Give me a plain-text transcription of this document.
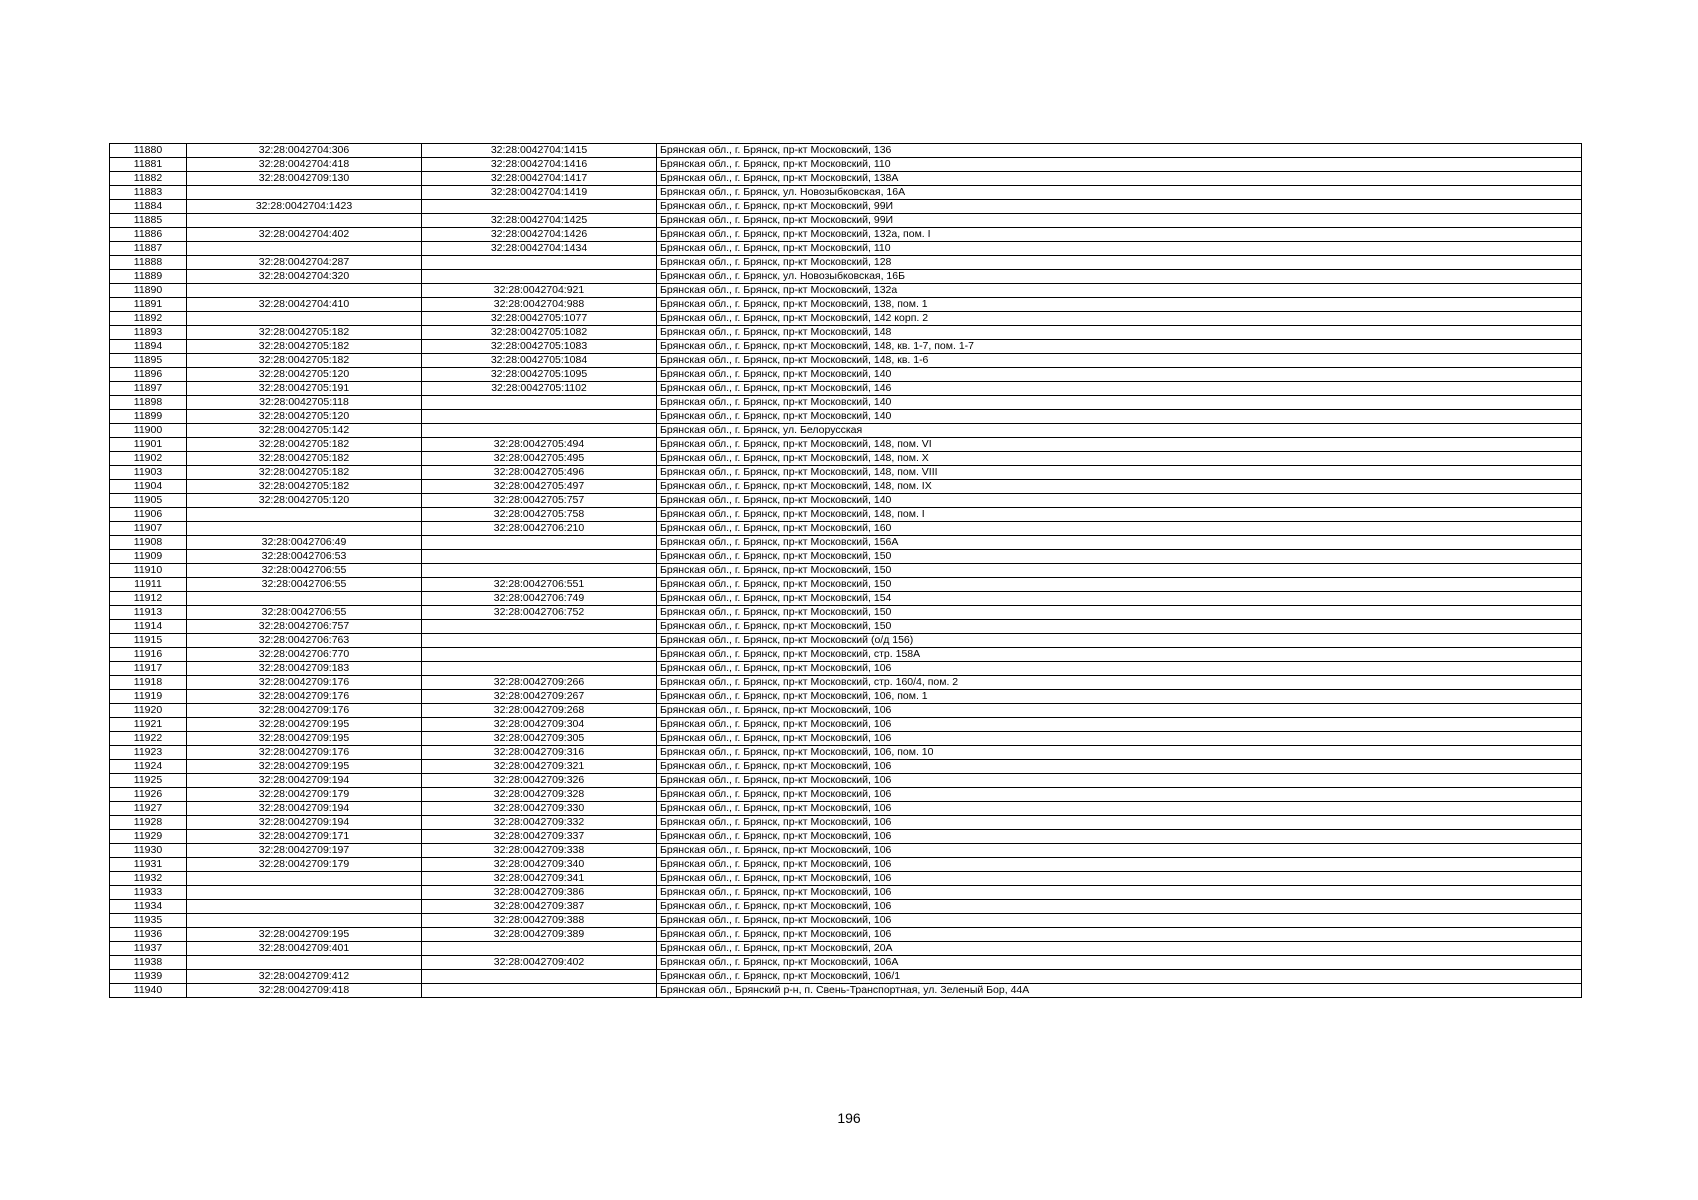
11880	32:28:0042704:306	32:28:0042704:1415	Брянская обл., г. Брянск, пр-кт Московский, 136
11881	32:28:0042704:418	32:28:0042704:1416	Брянская обл., г. Брянск, пр-кт Московский, 110
11882	32:28:0042709:130	32:28:0042704:1417	Брянская обл., г. Брянск, пр-кт Московский, 138А
11883		32:28:0042704:1419	Брянская обл., г. Брянск, ул. Новозыбковская, 16А
11884	32:28:0042704:1423		Брянская обл., г. Брянск, пр-кт Московский, 99И
11885		32:28:0042704:1425	Брянская обл., г. Брянск, пр-кт Московский, 99И
11886	32:28:0042704:402	32:28:0042704:1426	Брянская обл., г. Брянск, пр-кт Московский, 132а, пом. I
11887		32:28:0042704:1434	Брянская обл., г. Брянск, пр-кт Московский, 110
11888	32:28:0042704:287		Брянская обл., г. Брянск, пр-кт Московский, 128
11889	32:28:0042704:320		Брянская обл., г. Брянск, ул. Новозыбковская, 16Б
11890		32:28:0042704:921	Брянская обл., г. Брянск, пр-кт Московский, 132а
11891	32:28:0042704:410	32:28:0042704:988	Брянская обл., г. Брянск, пр-кт Московский, 138, пом. 1
11892		32:28:0042705:1077	Брянская обл., г. Брянск, пр-кт Московский, 142 корп. 2
11893	32:28:0042705:182	32:28:0042705:1082	Брянская обл., г. Брянск, пр-кт Московский, 148
11894	32:28:0042705:182	32:28:0042705:1083	Брянская обл., г. Брянск, пр-кт Московский, 148, кв. 1-7, пом. 1-7
11895	32:28:0042705:182	32:28:0042705:1084	Брянская обл., г. Брянск, пр-кт Московский, 148, кв. 1-6
11896	32:28:0042705:120	32:28:0042705:1095	Брянская обл., г. Брянск, пр-кт Московский, 140
11897	32:28:0042705:191	32:28:0042705:1102	Брянская обл., г. Брянск, пр-кт Московский, 146
11898	32:28:0042705:118		Брянская обл., г. Брянск, пр-кт Московский, 140
11899	32:28:0042705:120		Брянская обл., г. Брянск, пр-кт Московский, 140
11900	32:28:0042705:142		Брянская обл., г. Брянск, ул. Белорусская
11901	32:28:0042705:182	32:28:0042705:494	Брянская обл., г. Брянск, пр-кт Московский, 148, пом. VI
11902	32:28:0042705:182	32:28:0042705:495	Брянская обл., г. Брянск, пр-кт Московский, 148, пом. X
11903	32:28:0042705:182	32:28:0042705:496	Брянская обл., г. Брянск, пр-кт Московский, 148, пом. VIII
11904	32:28:0042705:182	32:28:0042705:497	Брянская обл., г. Брянск, пр-кт Московский, 148, пом. IX
11905	32:28:0042705:120	32:28:0042705:757	Брянская обл., г. Брянск, пр-кт Московский, 140
11906		32:28:0042705:758	Брянская обл., г. Брянск, пр-кт Московский, 148, пом. I
11907		32:28:0042706:210	Брянская обл., г. Брянск, пр-кт Московский, 160
11908	32:28:0042706:49		Брянская обл., г. Брянск, пр-кт Московский, 156А
11909	32:28:0042706:53		Брянская обл., г. Брянск, пр-кт Московский, 150
11910	32:28:0042706:55		Брянская обл., г. Брянск, пр-кт Московский, 150
11911	32:28:0042706:55	32:28:0042706:551	Брянская обл., г. Брянск, пр-кт Московский, 150
11912		32:28:0042706:749	Брянская обл., г. Брянск, пр-кт Московский, 154
11913	32:28:0042706:55	32:28:0042706:752	Брянская обл., г. Брянск, пр-кт Московский, 150
11914	32:28:0042706:757		Брянская обл., г. Брянск, пр-кт Московский, 150
11915	32:28:0042706:763		Брянская обл., г. Брянск, пр-кт Московский (о/д 156)
11916	32:28:0042706:770		Брянская обл., г. Брянск, пр-кт Московский, стр. 158А
11917	32:28:0042709:183		Брянская обл., г. Брянск, пр-кт Московский, 106
11918	32:28:0042709:176	32:28:0042709:266	Брянская обл., г. Брянск, пр-кт Московский, стр. 160/4, пом. 2
11919	32:28:0042709:176	32:28:0042709:267	Брянская обл., г. Брянск, пр-кт Московский, 106, пом. 1
11920	32:28:0042709:176	32:28:0042709:268	Брянская обл., г. Брянск, пр-кт Московский, 106
11921	32:28:0042709:195	32:28:0042709:304	Брянская обл., г. Брянск, пр-кт Московский, 106
11922	32:28:0042709:195	32:28:0042709:305	Брянская обл., г. Брянск, пр-кт Московский, 106
11923	32:28:0042709:176	32:28:0042709:316	Брянская обл., г. Брянск, пр-кт Московский, 106, пом. 10
11924	32:28:0042709:195	32:28:0042709:321	Брянская обл., г. Брянск, пр-кт Московский, 106
11925	32:28:0042709:194	32:28:0042709:326	Брянская обл., г. Брянск, пр-кт Московский, 106
11926	32:28:0042709:179	32:28:0042709:328	Брянская обл., г. Брянск, пр-кт Московский, 106
11927	32:28:0042709:194	32:28:0042709:330	Брянская обл., г. Брянск, пр-кт Московский, 106
11928	32:28:0042709:194	32:28:0042709:332	Брянская обл., г. Брянск, пр-кт Московский, 106
11929	32:28:0042709:171	32:28:0042709:337	Брянская обл., г. Брянск, пр-кт Московский, 106
11930	32:28:0042709:197	32:28:0042709:338	Брянская обл., г. Брянск, пр-кт Московский, 106
11931	32:28:0042709:179	32:28:0042709:340	Брянская обл., г. Брянск, пр-кт Московский, 106
11932		32:28:0042709:341	Брянская обл., г. Брянск, пр-кт Московский, 106
11933		32:28:0042709:386	Брянская обл., г. Брянск, пр-кт Московский, 106
11934		32:28:0042709:387	Брянская обл., г. Брянск, пр-кт Московский, 106
11935		32:28:0042709:388	Брянская обл., г. Брянск, пр-кт Московский, 106
11936	32:28:0042709:195	32:28:0042709:389	Брянская обл., г. Брянск, пр-кт Московский, 106
11937	32:28:0042709:401		Брянская обл., г. Брянск, пр-кт Московский, 20А
11938		32:28:0042709:402	Брянская обл., г. Брянск, пр-кт Московский, 106А
11939	32:28:0042709:412		Брянская обл., г. Брянск, пр-кт Московский, 106/1
11940	32:28:0042709:418		Брянская обл., Брянский р-н, п. Свень-Транспортная, ул. Зеленый Бор, 44А
196
